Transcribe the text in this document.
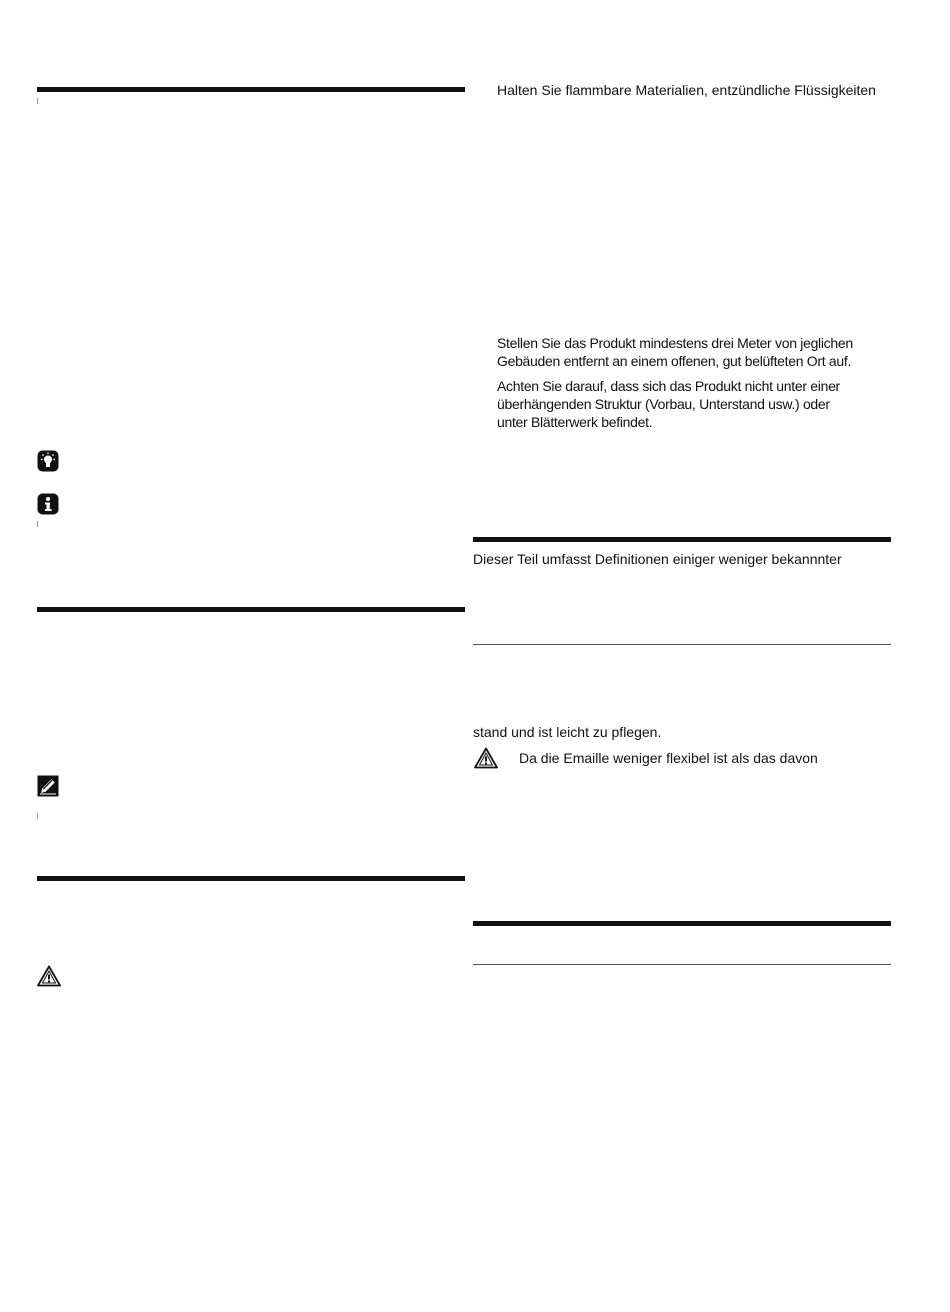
Halten Sie flammbare Materialien, entzündliche Flüssigkeiten
Stellen Sie das Produkt mindestens drei Meter von jeglichen
Gebäuden entfernt an einem offenen, gut belüfteten Ort auf.
Achten Sie darauf, dass sich das Produkt nicht unter einer
überhängenden Struktur (Vorbau, Unterstand usw.) oder
unter Blätterwerk befindet.
Dieser Teil umfasst Definitionen einiger weniger bekannnter
stand und ist leicht zu pflegen.
Da die Emaille weniger flexibel ist als das davon
